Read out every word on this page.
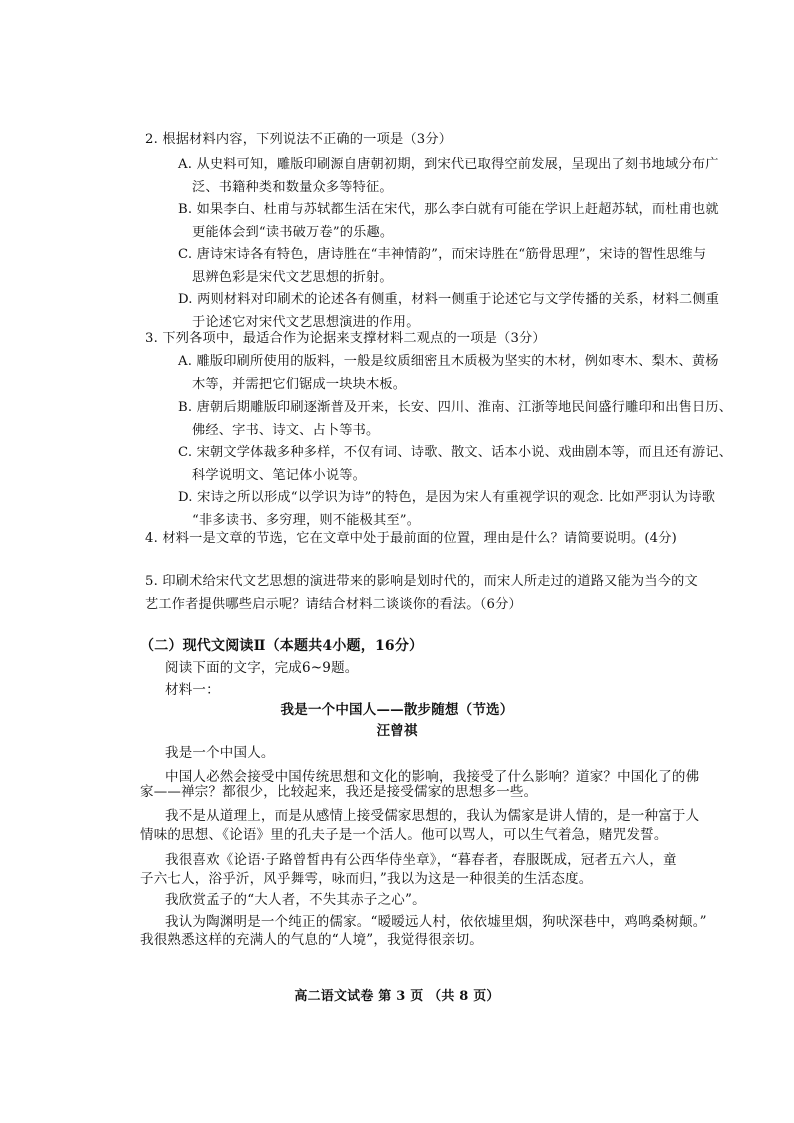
2. 根据材料内容，下列说法不正确的一项是（3分）
A. 从史料可知，雕版印刷源自唐朝初期，到宋代已取得空前发展，呈现出了刻书地域分布广
泛、书籍种类和数量众多等特征。
B. 如果李白、杜甫与苏轼都生活在宋代，那么李白就有可能在学识上赶超苏轼，而杜甫也就
更能体会到“读书破万卷”的乐趣。
C. 唐诗宋诗各有特色，唐诗胜在“丰神情韵”，而宋诗胜在“筋骨思理”，宋诗的智性思维与
思辨色彩是宋代文艺思想的折射。
D. 两则材料对印刷术的论述各有侧重，材料一侧重于论述它与文学传播的关系，材料二侧重
于论述它对宋代文艺思想演进的作用。
3. 下列各项中，最适合作为论据来支撑材料二观点的一项是（3分）
A. 雕版印刷所使用的版料，一般是纹质细密且木质极为坚实的木材，例如枣木、梨木、黄杨
木等，并需把它们锯成一块块木板。
B. 唐朝后期雕版印刷逐渐普及开来，长安、四川、淮南、江浙等地民间盛行雕印和出售日历、
佛经、字书、诗文、占卜等书。
C. 宋朝文学体裁多种多样，不仅有词、诗歌、散文、话本小说、戏曲剧本等，而且还有游记、
科学说明文、笔记体小说等。
D. 宋诗之所以形成“以学识为诗”的特色，是因为宋人有重视学识的观念. 比如严羽认为诗歌
“非多读书、多穷理，则不能极其至”。
4. 材料一是文章的节选，它在文章中处于最前面的位置，理由是什么？请简要说明。(4分)
5. 印刷术给宋代文艺思想的演进带来的影响是划时代的，而宋人所走过的道路又能为当今的文
艺工作者提供哪些启示呢？请结合材料二谈谈你的看法。（6分）
（二）现代文阅读Ⅱ（本题共4小题，16分）
阅读下面的文字，完成6~9题。
材料一：
我是一个中国人——散步随想（节选）
汪曾祺
我是一个中国人。
中国人必然会接受中国传统思想和文化的影响，我接受了什么影响？道家？中国化了的佛
家——禅宗？都很少，比较起来，我还是接受儒家的思想多一些。
我不是从道理上，而是从感情上接受儒家思想的，我认为儒家是讲人情的，是一种富于人
情味的思想、《论语》里的孔夫子是一个活人。他可以骂人，可以生气着急，赌咒发誓。
我很喜欢《论语·子路曾皙冉有公西华侍坐章》，“暮春者，春服既成，冠者五六人，童
子六七人，浴乎沂，风乎舞雩，咏而归，”我以为这是一种很美的生活态度。
我欣赏孟子的“大人者，不失其赤子之心”。
我认为陶渊明是一个纯正的儒家。“暧暧远人村，依依墟里烟，狗吠深巷中，鸡鸣桑树颠。”
我很熟悉这样的充满人的气息的“人境”，我觉得很亲切。
高二语文试卷 第 3 页 （共 8 页）
